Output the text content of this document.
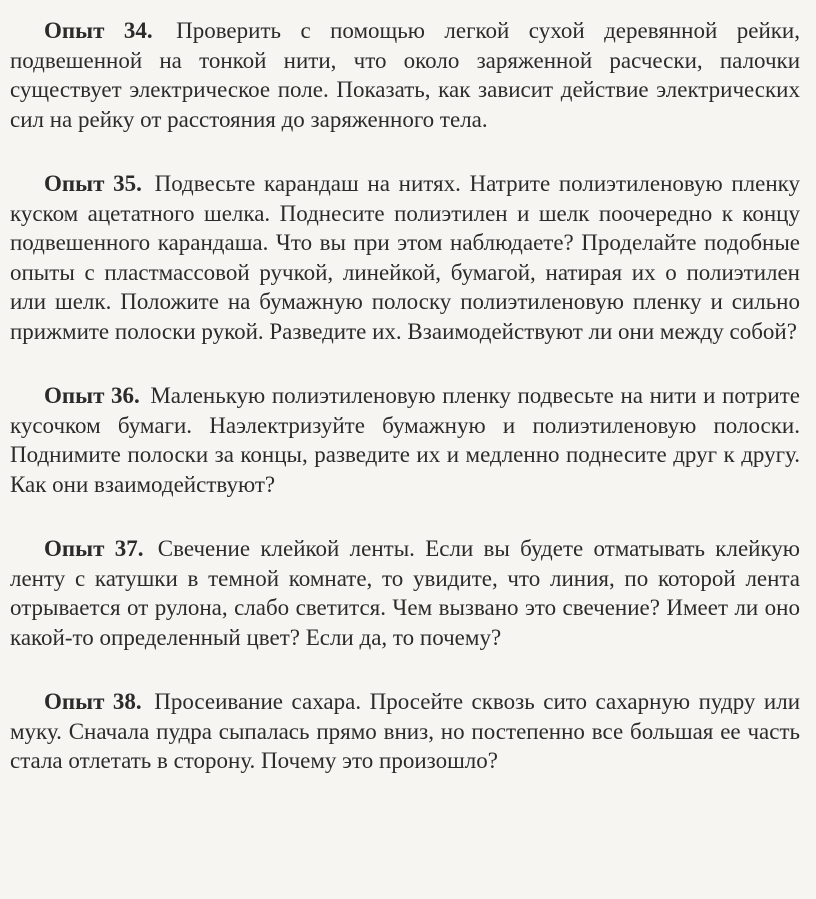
Опыт 34. Проверить с помощью легкой сухой деревянной рейки, подвешенной на тонкой нити, что около заряженной расчески, палочки существует электрическое поле. Показать, как зависит действие электрических сил на рейку от расстояния до заряженного тела.

Опыт 35. Подвесьте карандаш на нитях. Натрите полиэтиленовую пленку куском ацетатного шелка. Поднесите полиэтилен и шелк поочередно к концу подвешенного карандаша. Что вы при этом наблюдаете? Проделайте подобные опыты с пластмассовой ручкой, линейкой, бумагой, натирая их о полиэтилен или шелк. Положите на бумажную полоску полиэтиленовую пленку и сильно прижмите полоски рукой. Разведите их. Взаимодействуют ли они между собой?

Опыт 36. Маленькую полиэтиленовую пленку подвесьте на нити и потрите кусочком бумаги. Наэлектризуйте бумажную и полиэтиленовую полоски. Поднимите полоски за концы, разведите их и медленно поднесите друг к другу. Как они взаимодействуют?

Опыт 37. Свечение клейкой ленты. Если вы будете отматывать клейкую ленту с катушки в темной комнате, то увидите, что линия, по которой лента отрывается от рулона, слабо светится. Чем вызвано это свечение? Имеет ли оно какой-то определенный цвет? Если да, то почему?

Опыт 38. Просеивание сахара. Просейте сквозь сито сахарную пудру или муку. Сначала пудра сыпалась прямо вниз, но постепенно все большая ее часть стала отлетать в сторону. Почему это произошло?
